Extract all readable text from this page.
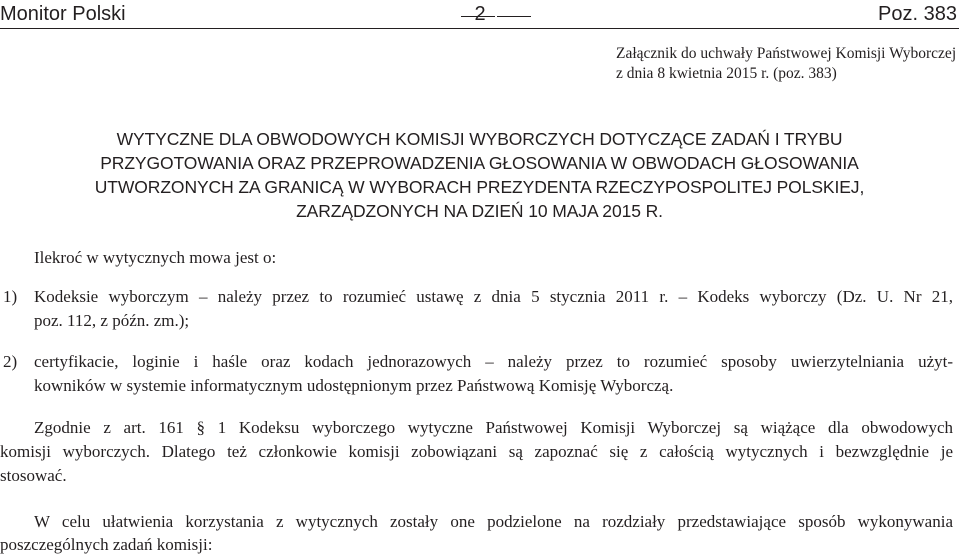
Monitor Polski	2	Poz. 383
Załącznik do uchwały Państwowej Komisji Wyborczej
z dnia 8 kwietnia 2015 r. (poz. 383)
WYTYCZNE DLA OBWODOWYCH KOMISJI WYBORCZYCH DOTYCZĄCE ZADAŃ I TRYBU
PRZYGOTOWANIA ORAZ PRZEPROWADZENIA GŁOSOWANIA W OBWODACH GŁOSOWANIA
UTWORZONYCH ZA GRANICĄ W WYBORACH PREZYDENTA RZECZYPOSPOLITEJ POLSKIEJ,
ZARZĄDZONYCH NA DZIEŃ 10 MAJA 2015 R.
Ilekroć w wytycznych mowa jest o:
1) Kodeksie wyborczym – należy przez to rozumieć ustawę z dnia 5 stycznia 2011 r. – Kodeks wyborczy (Dz. U. Nr 21,
poz. 112, z późn. zm.);
2) certyfikacie, loginie i haśle oraz kodach jednorazowych – należy przez to rozumieć sposoby uwierzytelniania użyt-
kowników w systemie informatycznym udostępnionym przez Państwową Komisję Wyborczą.
Zgodnie z art. 161 § 1 Kodeksu wyborczego wytyczne Państwowej Komisji Wyborczej są wiążące dla obwodowych
komisji wyborczych. Dlatego też członkowie komisji zobowiązani są zapoznać się z całością wytycznych i bezwzględnie je
stosować.
W celu ułatwienia korzystania z wytycznych zostały one podzielone na rozdziały przedstawiające sposób wykonywania
poszczególnych zadań komisji:
